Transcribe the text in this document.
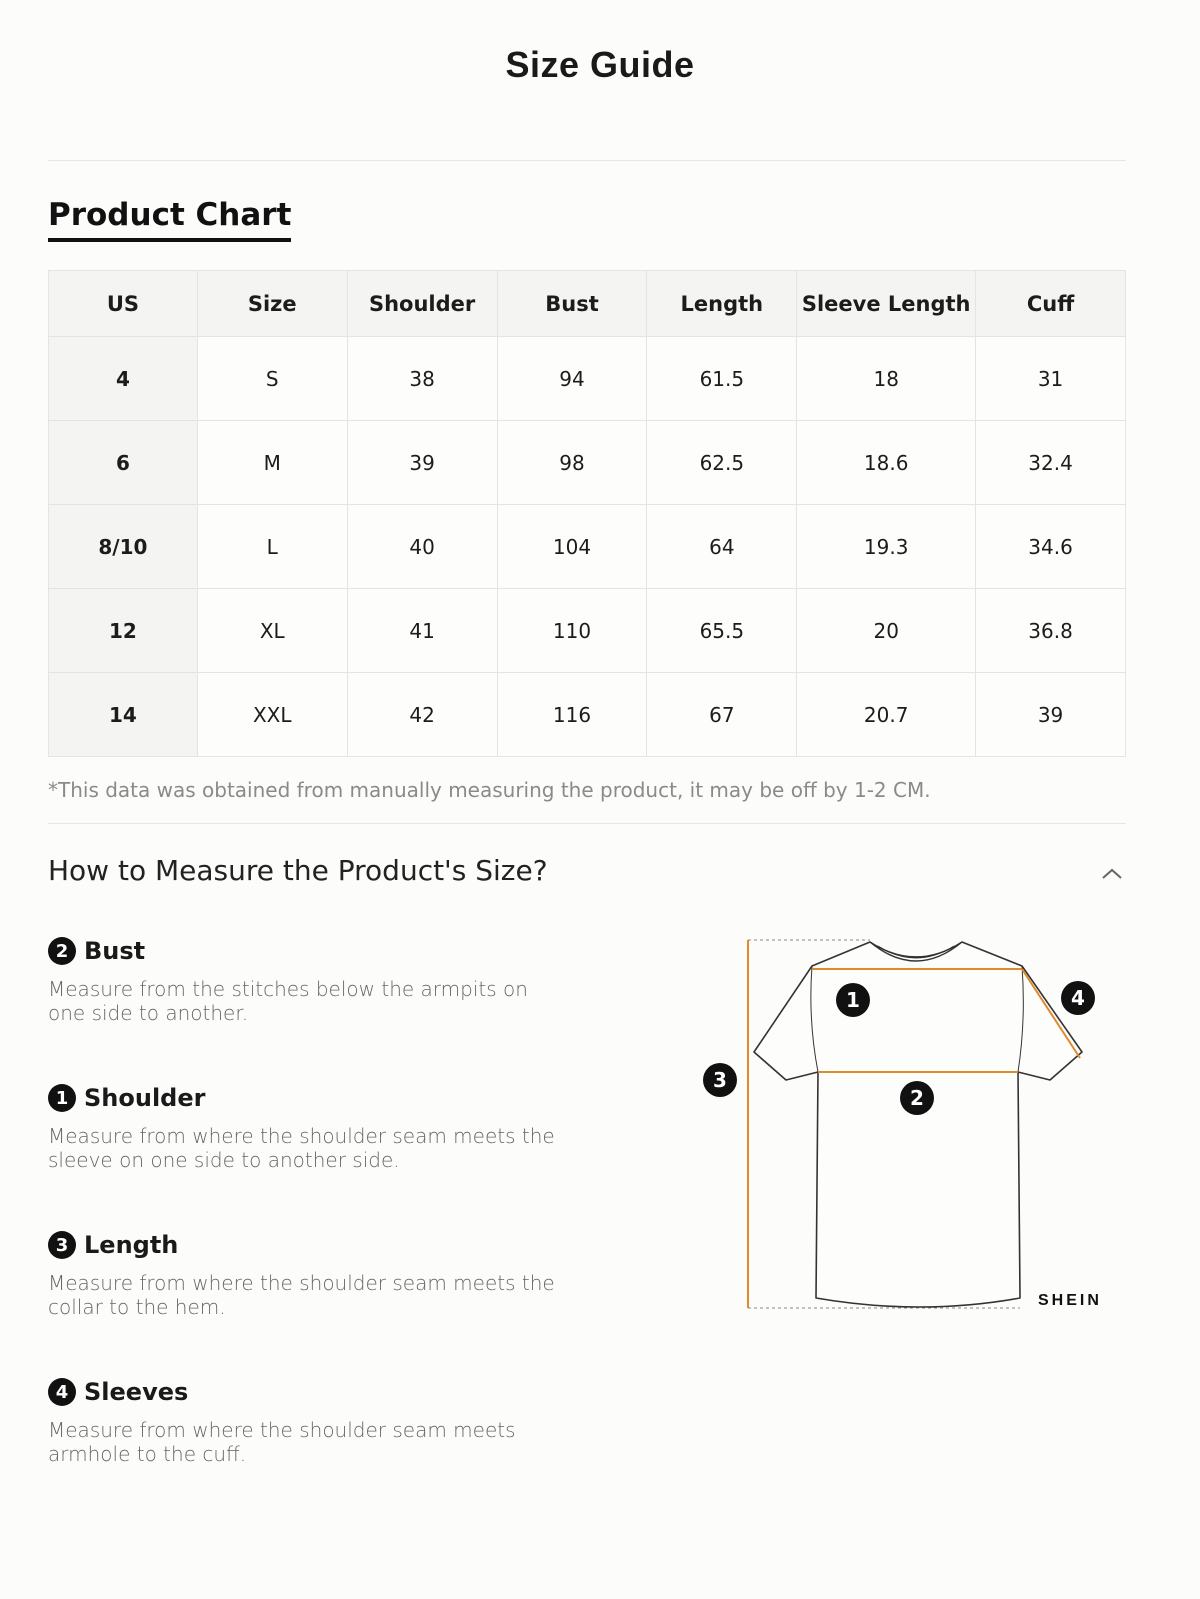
Size Guide
Product Chart
US	Size	Shoulder	Bust	Length	Sleeve Length	Cuff
4	S	38	94	61.5	18	31
6	M	39	98	62.5	18.6	32.4
8/10	L	40	104	64	19.3	34.6
12	XL	41	110	65.5	20	36.8
14	XXL	42	116	67	20.7	39
*This data was obtained from manually measuring the product, it may be off by 1-2 CM.
How to Measure the Product's Size?
2 Bust
Measure from the stitches below the armpits on one side to another.
1 Shoulder
Measure from where the shoulder seam meets the sleeve on one side to another side.
3 Length
Measure from where the shoulder seam meets the collar to the hem.
4 Sleeves
Measure from where the shoulder seam meets armhole to the cuff.
1
2
3
4
SHEIN
